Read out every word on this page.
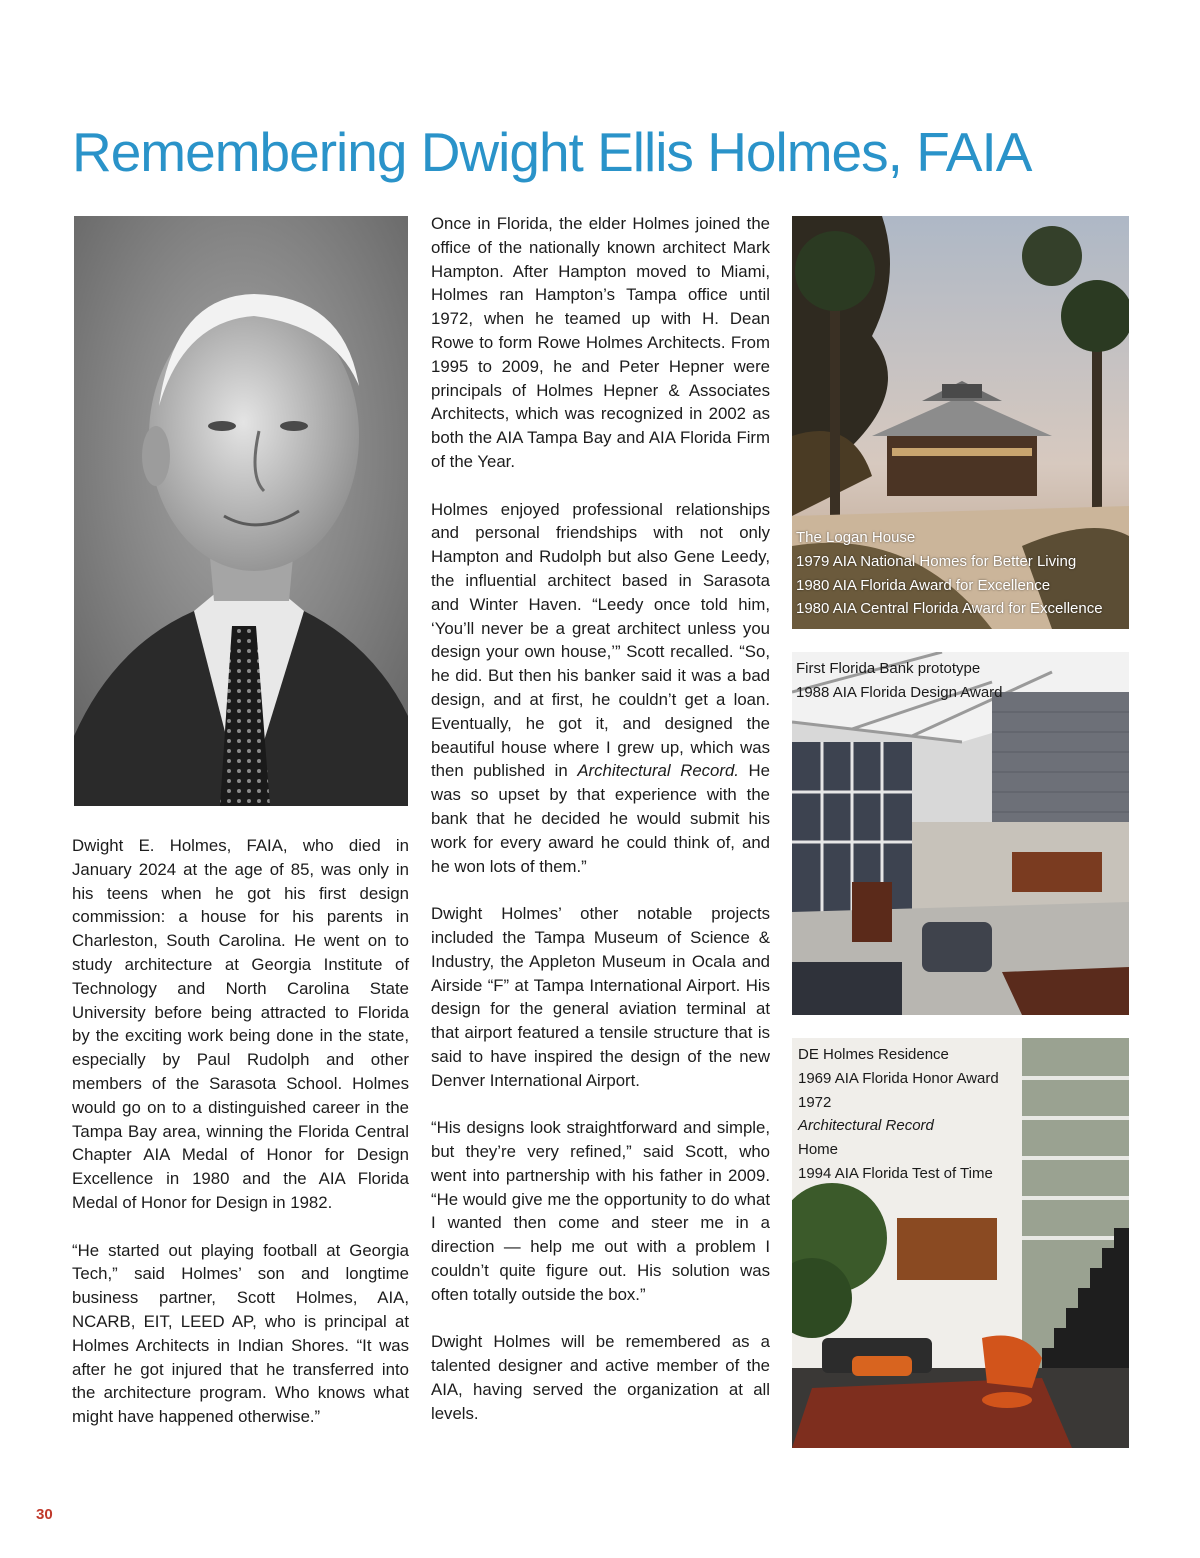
Remembering Dwight Ellis Holmes, FAIA

Dwight E. Holmes, FAIA, who died in January 2024 at the age of 85, was only in his teens when he got his first design commission: a house for his parents in Charleston, South Carolina. He went on to study architecture at Georgia Institute of Technology and North Carolina State University before being attracted to Florida by the exciting work being done in the state, especially by Paul Rudolph and other members of the Sarasota School. Holmes would go on to a distinguished career in the Tampa Bay area, winning the Florida Central Chapter AIA Medal of Honor for Design Excellence in 1980 and the AIA Florida Medal of Honor for Design in 1982.

“He started out playing football at Georgia Tech,” said Holmes’ son and longtime business partner, Scott Holmes, AIA, NCARB, EIT, LEED AP, who is principal at Holmes Architects in Indian Shores. “It was after he got injured that he transferred into the architecture program. Who knows what might have happened otherwise.”

Once in Florida, the elder Holmes joined the office of the nationally known architect Mark Hampton. After Hampton moved to Miami, Holmes ran Hampton’s Tampa office until 1972, when he teamed up with H. Dean Rowe to form Rowe Holmes Architects. From 1995 to 2009, he and Peter Hepner were principals of Holmes Hepner & Associates Architects, which was recognized in 2002 as both the AIA Tampa Bay and AIA Florida Firm of the Year.

Holmes enjoyed professional relationships and personal friendships with not only Hampton and Rudolph but also Gene Leedy, the influential architect based in Sarasota and Winter Haven. “Leedy once told him, ‘You’ll never be a great architect unless you design your own house,’” Scott recalled. “So, he did. But then his banker said it was a bad design, and at first, he couldn’t get a loan. Eventually, he got it, and designed the beautiful house where I grew up, which was then published in Architectural Record. He was so upset by that experience with the bank that he decided he would submit his work for every award he could think of, and he won lots of them.”

Dwight Holmes’ other notable projects included the Tampa Museum of Science & Industry, the Appleton Museum in Ocala and Airside “F” at Tampa International Airport. His design for the general aviation terminal at that airport featured a tensile structure that is said to have inspired the design of the new Denver International Airport.

“His designs look straightforward and simple, but they’re very refined,” said Scott, who went into partnership with his father in 2009. “He would give me the opportunity to do what I wanted then come and steer me in a direction — help me out with a problem I couldn’t quite figure out. His solution was often totally outside the box.”

Dwight Holmes will be remembered as a talented designer and active member of the AIA, having served the organization at all levels.

The Logan House
1979 AIA National Homes for Better Living
1980 AIA Florida Award for Excellence
1980 AIA Central Florida Award for Excellence
First Florida Bank prototype
1988 AIA Florida Design Award
DE Holmes Residence
1969 AIA Florida Honor Award
1972
Architectural Record
Home
1994 AIA Florida Test of Time
30
